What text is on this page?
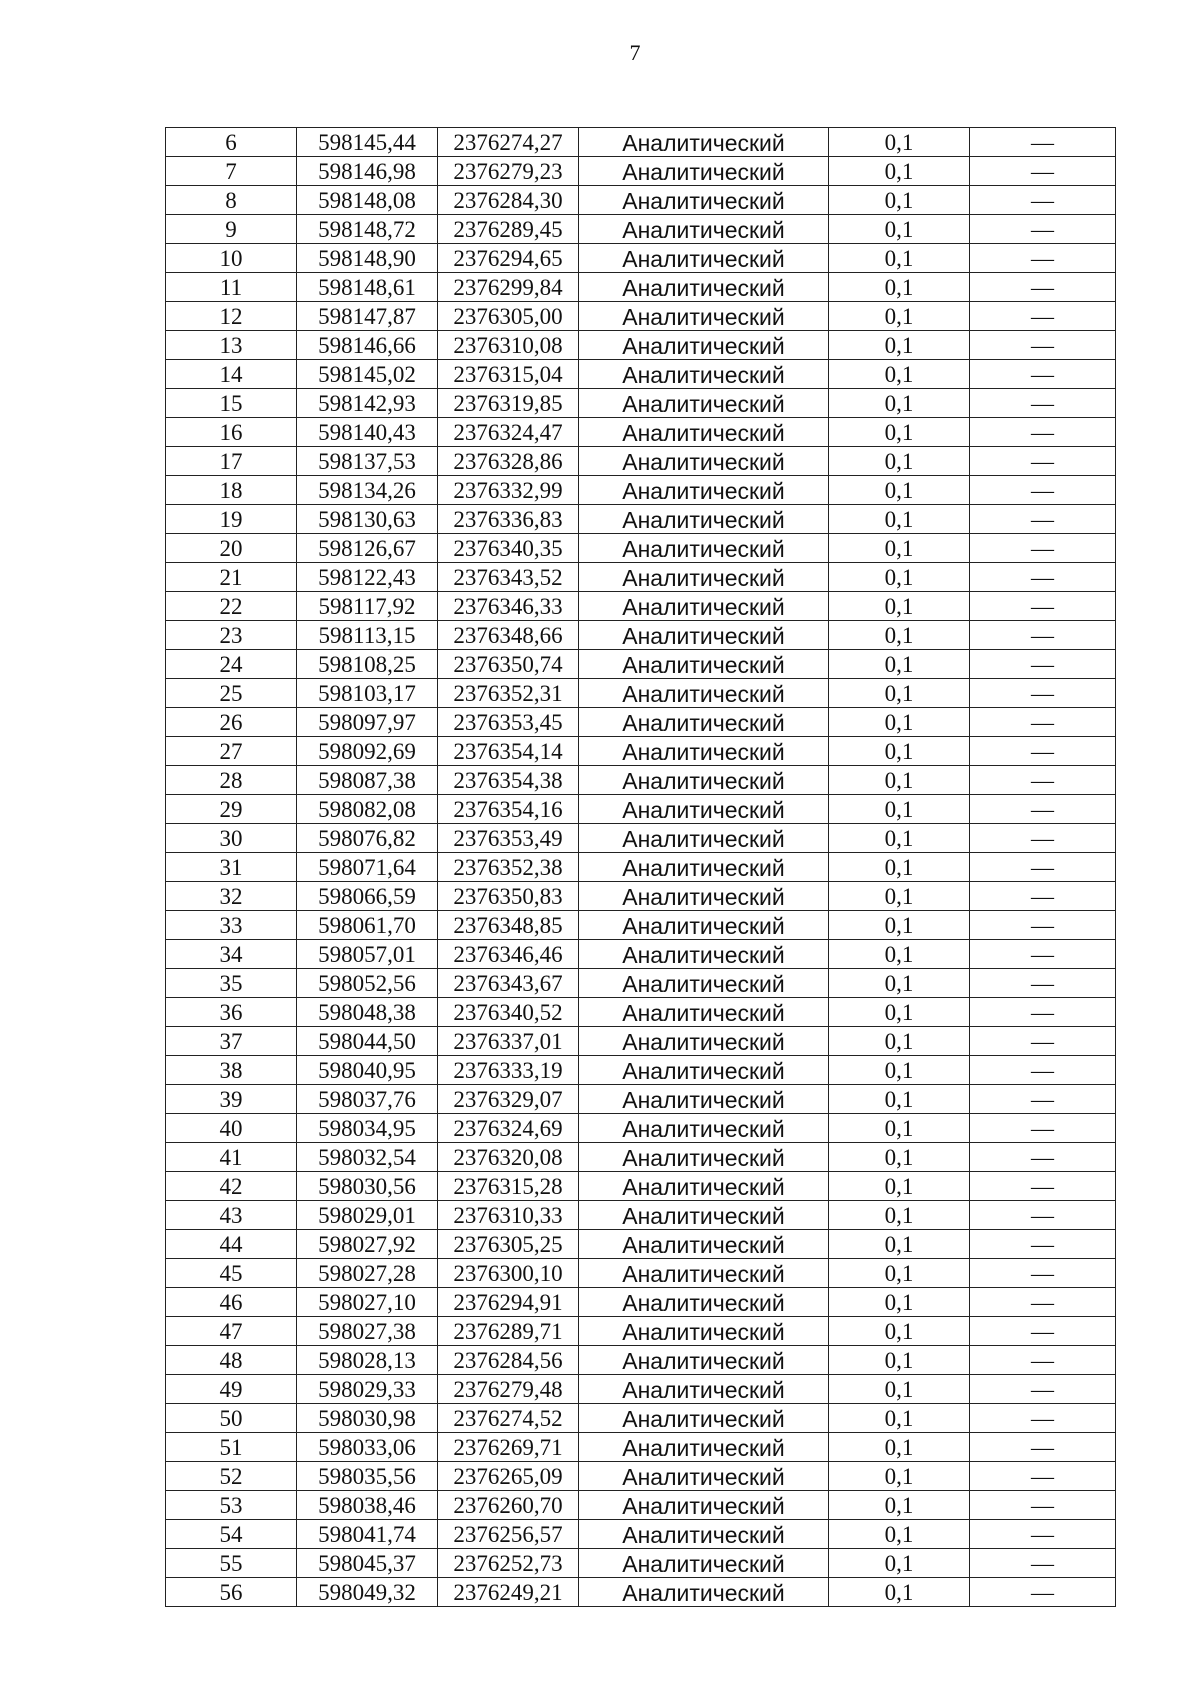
7
6	598145,44	2376274,27	Аналитический	0,1	—
7	598146,98	2376279,23	Аналитический	0,1	—
8	598148,08	2376284,30	Аналитический	0,1	—
9	598148,72	2376289,45	Аналитический	0,1	—
10	598148,90	2376294,65	Аналитический	0,1	—
11	598148,61	2376299,84	Аналитический	0,1	—
12	598147,87	2376305,00	Аналитический	0,1	—
13	598146,66	2376310,08	Аналитический	0,1	—
14	598145,02	2376315,04	Аналитический	0,1	—
15	598142,93	2376319,85	Аналитический	0,1	—
16	598140,43	2376324,47	Аналитический	0,1	—
17	598137,53	2376328,86	Аналитический	0,1	—
18	598134,26	2376332,99	Аналитический	0,1	—
19	598130,63	2376336,83	Аналитический	0,1	—
20	598126,67	2376340,35	Аналитический	0,1	—
21	598122,43	2376343,52	Аналитический	0,1	—
22	598117,92	2376346,33	Аналитический	0,1	—
23	598113,15	2376348,66	Аналитический	0,1	—
24	598108,25	2376350,74	Аналитический	0,1	—
25	598103,17	2376352,31	Аналитический	0,1	—
26	598097,97	2376353,45	Аналитический	0,1	—
27	598092,69	2376354,14	Аналитический	0,1	—
28	598087,38	2376354,38	Аналитический	0,1	—
29	598082,08	2376354,16	Аналитический	0,1	—
30	598076,82	2376353,49	Аналитический	0,1	—
31	598071,64	2376352,38	Аналитический	0,1	—
32	598066,59	2376350,83	Аналитический	0,1	—
33	598061,70	2376348,85	Аналитический	0,1	—
34	598057,01	2376346,46	Аналитический	0,1	—
35	598052,56	2376343,67	Аналитический	0,1	—
36	598048,38	2376340,52	Аналитический	0,1	—
37	598044,50	2376337,01	Аналитический	0,1	—
38	598040,95	2376333,19	Аналитический	0,1	—
39	598037,76	2376329,07	Аналитический	0,1	—
40	598034,95	2376324,69	Аналитический	0,1	—
41	598032,54	2376320,08	Аналитический	0,1	—
42	598030,56	2376315,28	Аналитический	0,1	—
43	598029,01	2376310,33	Аналитический	0,1	—
44	598027,92	2376305,25	Аналитический	0,1	—
45	598027,28	2376300,10	Аналитический	0,1	—
46	598027,10	2376294,91	Аналитический	0,1	—
47	598027,38	2376289,71	Аналитический	0,1	—
48	598028,13	2376284,56	Аналитический	0,1	—
49	598029,33	2376279,48	Аналитический	0,1	—
50	598030,98	2376274,52	Аналитический	0,1	—
51	598033,06	2376269,71	Аналитический	0,1	—
52	598035,56	2376265,09	Аналитический	0,1	—
53	598038,46	2376260,70	Аналитический	0,1	—
54	598041,74	2376256,57	Аналитический	0,1	—
55	598045,37	2376252,73	Аналитический	0,1	—
56	598049,32	2376249,21	Аналитический	0,1	—
